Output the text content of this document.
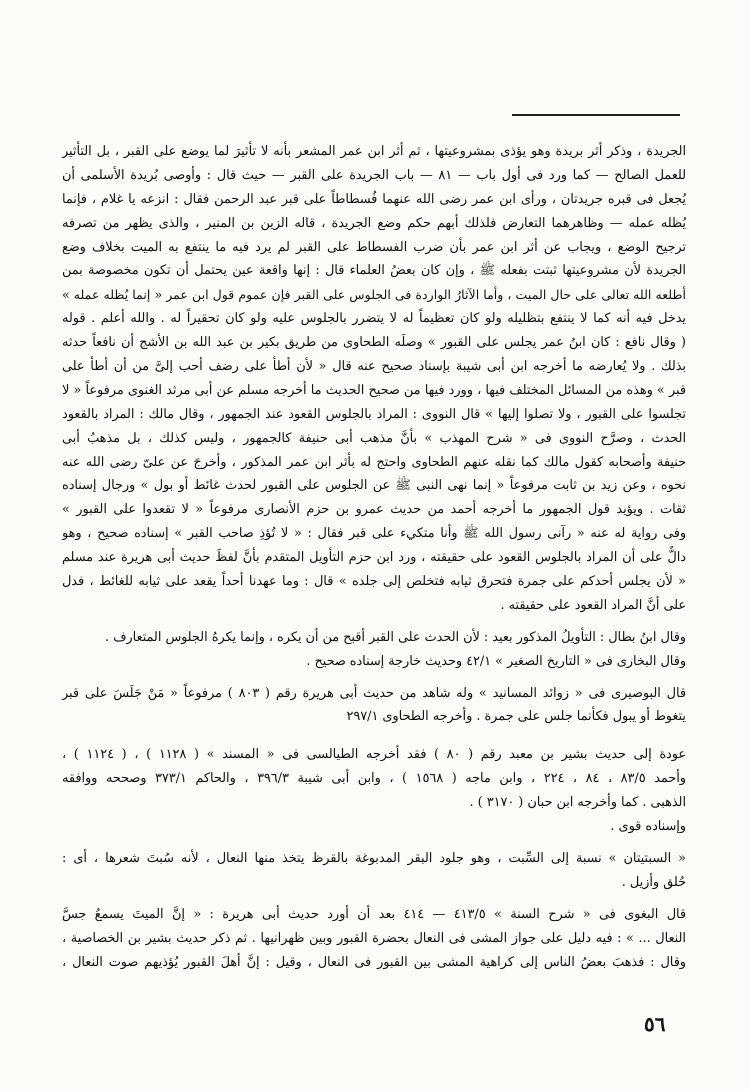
الجريدة ، وذكر أثر بريدة وهو يؤذى بمشروعيتها ، ثم أثر ابن عمر المشعر بأنه لا تأثيرَ لما يوضع على القبر ، بل التأثير
للعمل الصالح — كما ورد فى أول باب — ٨١ — باب الجريدة على القبر — حيث قال : وأوصى بُريدة الأسلمى أن
يُجعل فى قبره جريدتان ، ورأى ابن عمر رضى الله عنهما فُسطاطاً على قبر عبد الرحمن فقال : انزعه يا غلام ، فإنما
يُظله عمله — وظاهرهما التعارض فلذلك أبهم حكم وضع الجريدة ، قاله الزين بن المنير ، والذى يظهر من تصرفه
ترجيح الوضع ، ويجاب عن أثر ابن عمر بأن ضرب الفسطاط على القبر لم يرد فيه ما ينتفع به الميت بخلاف وضع
الجريدة لأن مشروعيتها ثبتت بفعله ﷺ ، وإن كان بعضُ العلماء قال : إنها واقعة عين يحتمل أن تكون مخصوصة بمن
أطلعه الله تعالى على حال الميت ، وأما الآثارُ الواردة فى الجلوس على القبر فإن عموم قول ابن عمر « إنما يُظله عمله »
يدخل فيه أنه كما لا ينتفع بتظليله ولو كان تعظيماً له لا يتضرر بالجلوس عليه ولو كان تحقيراً له . والله أعلم . قوله
( وقال نافع : كان ابنُ عمر يجلس على القبور » وصلَه الطحاوى من طريق بكير بن عبد الله بن الأشج أن نافعاً حدثه
بذلك . ولا يُعارضه ما أخرجه ابن أبى شيبة بإسناد صحيح عنه قال « لأن أطأ على رضف أحب إلىَّ من أن أطأ على
قبر » وهذه من المسائل المختلف فيها ، وورد فيها من صحيح الحديث ما أخرجه مسلم عن أبى مرثد الغنوى مرفوعاً « لا
تجلسوا على القبور ، ولا تصلوا إليها » قال النووى : المراد بالجلوس القعود عند الجمهور ، وقال مالك : المراد بالقعود
الحدث ، وصرَّح النووى فى « شرح المهذب » بأنَّ مذهب أبى حنيفة كالجمهور ، وليس كذلك ، بل مذهبُ أبى
حنيفة وأصحابه كقول مالك كما نقله عنهم الطحاوى واحتج له بأثر ابن عمر المذكور ، وأخرجَ عن علىّ رضى الله عنه
نحوه ، وعن زيد بن ثابت مرفوعاً « إنما نهى النبى ﷺ عن الجلوس على القبور لحدث غائط أو بول » ورجال إسناده
ثقات . ويؤيد قول الجمهور ما أخرجه أحمد من حديث عمرو بن حزم الأنصارى مرفوعاً « لا تقعدوا على القبور »
وفى رواية له عنه « رآنى رسول الله ﷺ وأنا متكيء على قبر فقال : « لا تُؤذِ صاحب القبر » إسناده صحيح ، وهو
دالٌّ على أن المراد بالجلوس القعود على حقيقته ، ورد ابن حزم التأويل المتقدم بأنَّ لفظَ حديث أبى هريرة عند مسلم
« لأن يجلس أحدكم على جمرة فتحرق ثيابه فتخلص إلى جلده » قال : وما عهدنا أحداً يقعد على ثيابه للغائط ، فدل
على أنَّ المراد القعود على حقيقته .
وقال ابنُ بطال : التأويلُ المذكور بعيد : لأن الحدث على القبر أقبح من أن يكره ، وإنما يكرهُ الجلوس المتعارف .
وقال البخارى فى « التاريخ الصغير » ٤٢/١ وحديث خارجة إسناده صحيح .
قال البوصيرى فى « زوائد المسانيد » وله شاهد من حديث أبى هريرة رقم ( ٨٠٣ ) مرفوعاً « مَنْ جَلَسَ على قبر
يتغوط أو يبول فكأنما جلس على جمرة . وأخرجه الطحاوى ٢٩٧/١
عودة إلى حديث بشير بن معبد رقم ( ٨٠ ) فقد أخرجه الطيالسى فى « المسند » ( ١١٢٨ ) ، ( ١١٢٤ ) ،
وأحمد ٨٣/٥ ، ٨٤ ، ٢٢٤ ، وابن ماجه ( ١٥٦٨ ) ، وابن أبى شيبة ٣٩٦/٣ ، والحاكم ٣٧٣/١ وصححه ووافقه
الذهبى . كما وأخرجه ابن حبان ( ٣١٧٠ ) .
وإسناده قوى .
« السبتيتان » نسبة إلى السِّبت ، وهو جلود البقر المدبوغة بالقرظ يتخذ منها النعال ، لأنه سُبتَ شعرها ، أى :
حُلق وأزيل .
قال البغوى فى « شرح السنة » ٤١٣/٥ — ٤١٤ بعد أن أورد حديث أبى هريرة : « إنَّ الميتَ يسمعُ جسَّ
النعال ... » : فيه دليل على جواز المشى فى النعال بحضرة القبور وبين ظهرانيها . ثم ذكر حديث بشير بن الخصاصية ،
وقال : فذهبَ بعضُ الناس إلى كراهية المشى بين القبور فى النعال ، وقيل : إنَّ أهلَ القبور يُؤذيهم صوت النعال ،
٥٦
